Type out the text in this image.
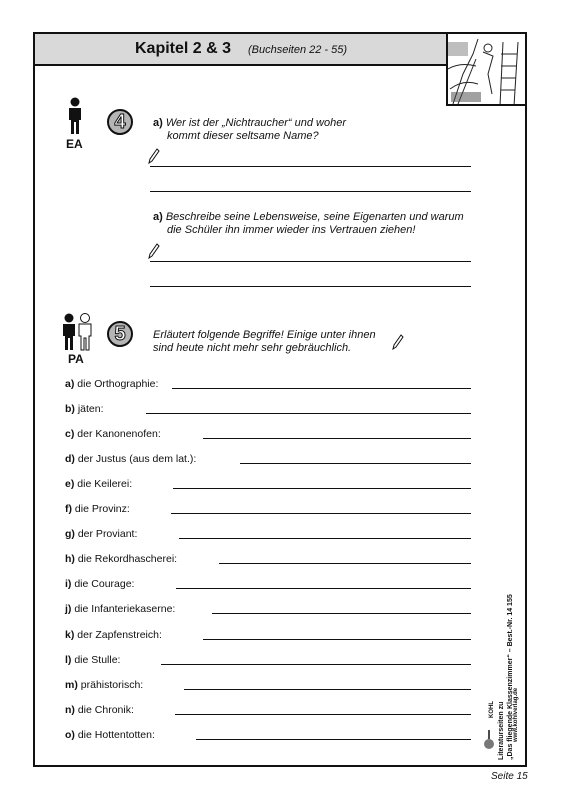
Kapitel 2 & 3 (Buchseiten 22 - 55)
EA
4	a) Wer ist der „Nichtraucher“ und woher
kommt dieser seltsame Name?
a) Beschreibe seine Lebensweise, seine Eigenarten und warum
die Schüler ihn immer wieder ins Vertrauen ziehen!
PA
5	Erläutert folgende Begriffe! Einige unter ihnen
sind heute nicht mehr sehr gebräuchlich.
a) die Orthographie:
b) jäten:
c) der Kanonenofen:
d) der Justus (aus dem lat.):
e) die Keilerei:
f) die Provinz:
g) der Proviant:
h) die Rekordhascherei:
i) die Courage:
j) die Infanteriekaserne:
k) der Zapfenstreich:
l) die Stulle:
m) prähistorisch:
n) die Chronik:
o) die Hottentotten:	Literaturseiten zu „Das fliegende Klassenzimmer“ – Best.-Nr. 14 155 www.kohlverlag.de
KOHL
Seite 15
